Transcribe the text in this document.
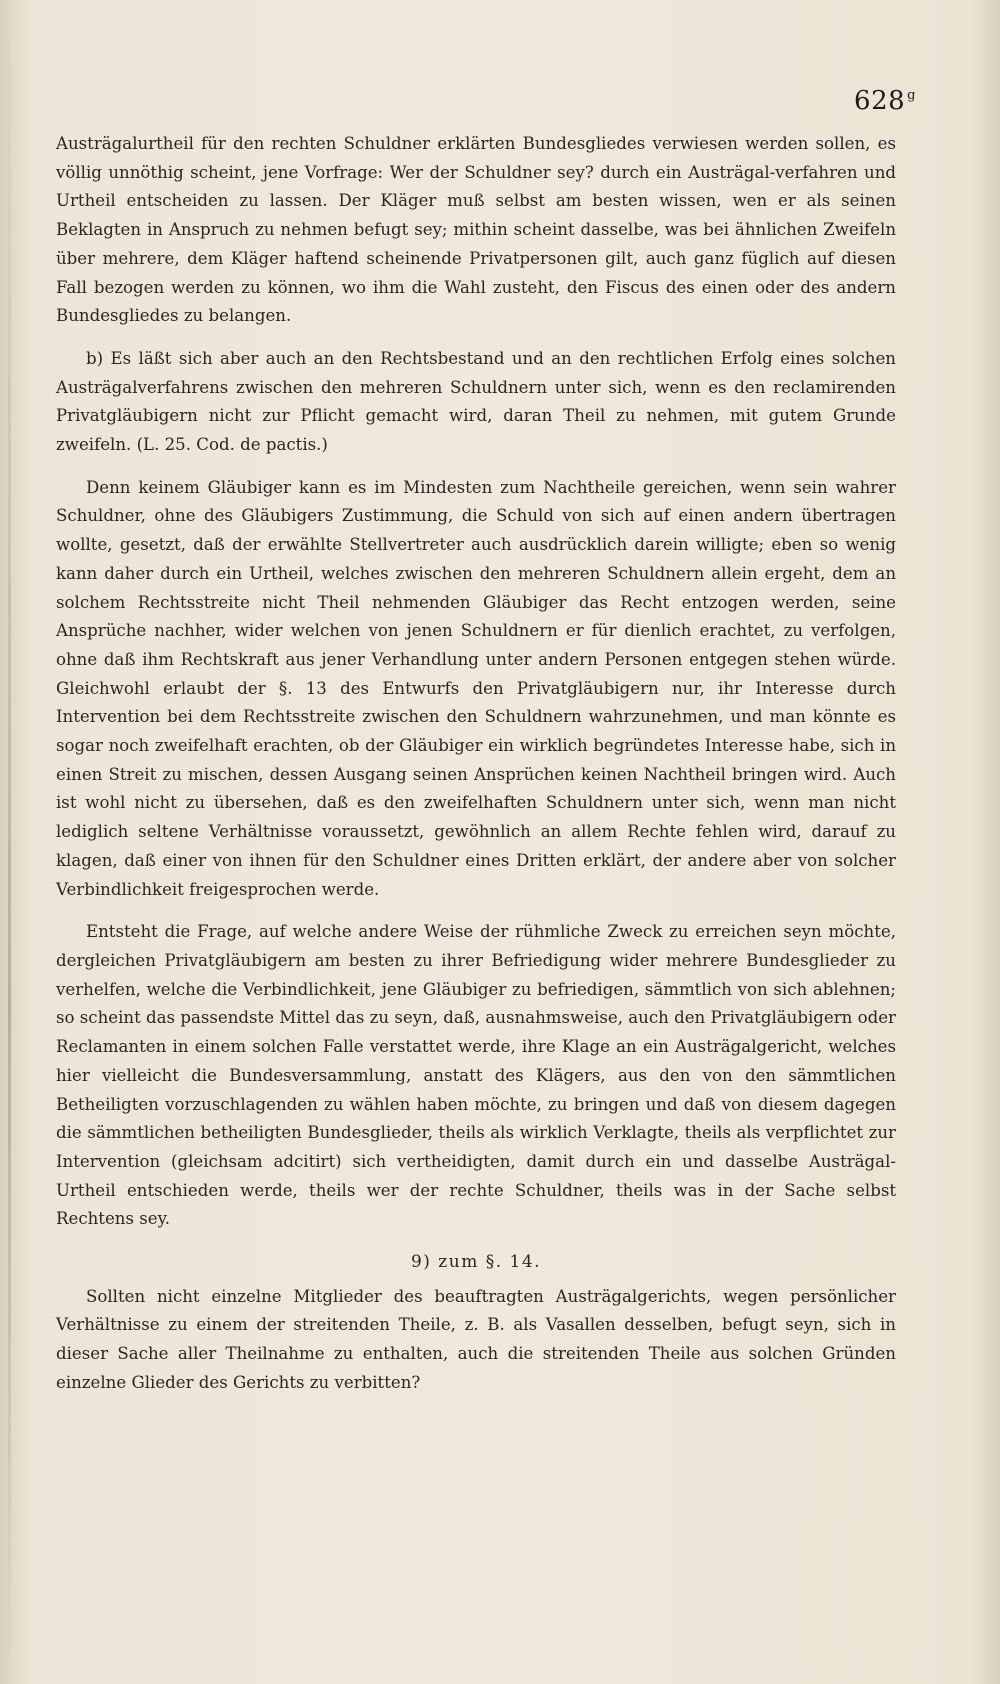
628 $^g$

Austrägalurtheil für den rechten Schuldner erklärten Bundesgliedes verwiesen werden sollen, es völlig unnöthig scheint, jene Vorfrage: Wer der Schuldner sey? durch ein Austrägal-verfahren und Urtheil entscheiden zu lassen. Der Kläger muß selbst am besten wissen, wen er als seinen Beklagten in Anspruch zu nehmen befugt sey; mithin scheint dasselbe, was bei ähnlichen Zweifeln über mehrere, dem Kläger haftend scheinende Privatpersonen gilt, auch ganz füglich auf diesen Fall bezogen werden zu können, wo ihm die Wahl zusteht, den Fiscus des einen oder des andern Bundesgliedes zu belangen.

b) Es läßt sich aber auch an den Rechtsbestand und an den rechtlichen Erfolg eines solchen Austrägalverfahrens zwischen den mehreren Schuldnern unter sich, wenn es den reclamirenden Privatgläubigern nicht zur Pflicht gemacht wird, daran Theil zu nehmen, mit gutem Grunde zweifeln. (L. 25. Cod. de pactis.)

Denn keinem Gläubiger kann es im Mindesten zum Nachtheile gereichen, wenn sein wahrer Schuldner, ohne des Gläubigers Zustimmung, die Schuld von sich auf einen andern übertragen wollte, gesetzt, daß der erwählte Stellvertreter auch ausdrücklich darein willigte; eben so wenig kann daher durch ein Urtheil, welches zwischen den mehreren Schuldnern allein ergeht, dem an solchem Rechtsstreite nicht Theil nehmenden Gläubiger das Recht entzogen werden, seine Ansprüche nachher, wider welchen von jenen Schuldnern er für dienlich erachtet, zu verfolgen, ohne daß ihm Rechtskraft aus jener Verhandlung unter andern Personen entgegen stehen würde. Gleichwohl erlaubt der §. 13 des Entwurfs den Privatgläubigern nur, ihr Interesse durch Intervention bei dem Rechtsstreite zwischen den Schuldnern wahrzunehmen, und man könnte es sogar noch zweifelhaft erachten, ob der Gläubiger ein wirklich begründetes Interesse habe, sich in einen Streit zu mischen, dessen Ausgang seinen Ansprüchen keinen Nachtheil bringen wird. Auch ist wohl nicht zu übersehen, daß es den zweifelhaften Schuldnern unter sich, wenn man nicht lediglich seltene Verhältnisse voraussetzt, gewöhnlich an allem Rechte fehlen wird, darauf zu klagen, daß einer von ihnen für den Schuldner eines Dritten erklärt, der andere aber von solcher Verbindlichkeit freigesprochen werde.

Entsteht die Frage, auf welche andere Weise der rühmliche Zweck zu erreichen seyn möchte, dergleichen Privatgläubigern am besten zu ihrer Befriedigung wider mehrere Bundesglieder zu verhelfen, welche die Verbindlichkeit, jene Gläubiger zu befriedigen, sämmtlich von sich ablehnen; so scheint das passendste Mittel das zu seyn, daß, ausnahmsweise, auch den Privatgläubigern oder Reclamanten in einem solchen Falle verstattet werde, ihre Klage an ein Austrägalgericht, welches hier vielleicht die Bundesversammlung, anstatt des Klägers, aus den von den sämmtlichen Betheiligten vorzuschlagenden zu wählen haben möchte, zu bringen und daß von diesem dagegen die sämmtlichen betheiligten Bundesglieder, theils als wirklich Verklagte, theils als verpflichtet zur Intervention (gleichsam adcitirt) sich vertheidigten, damit durch ein und dasselbe Austrägal-Urtheil entschieden werde, theils wer der rechte Schuldner, theils was in der Sache selbst Rechtens sey.

9) zum §. 14.

Sollten nicht einzelne Mitglieder des beauftragten Austrägalgerichts, wegen persönlicher Verhältnisse zu einem der streitenden Theile, z. B. als Vasallen desselben, befugt seyn, sich in dieser Sache aller Theilnahme zu enthalten, auch die streitenden Theile aus solchen Gründen einzelne Glieder des Gerichts zu verbitten?
